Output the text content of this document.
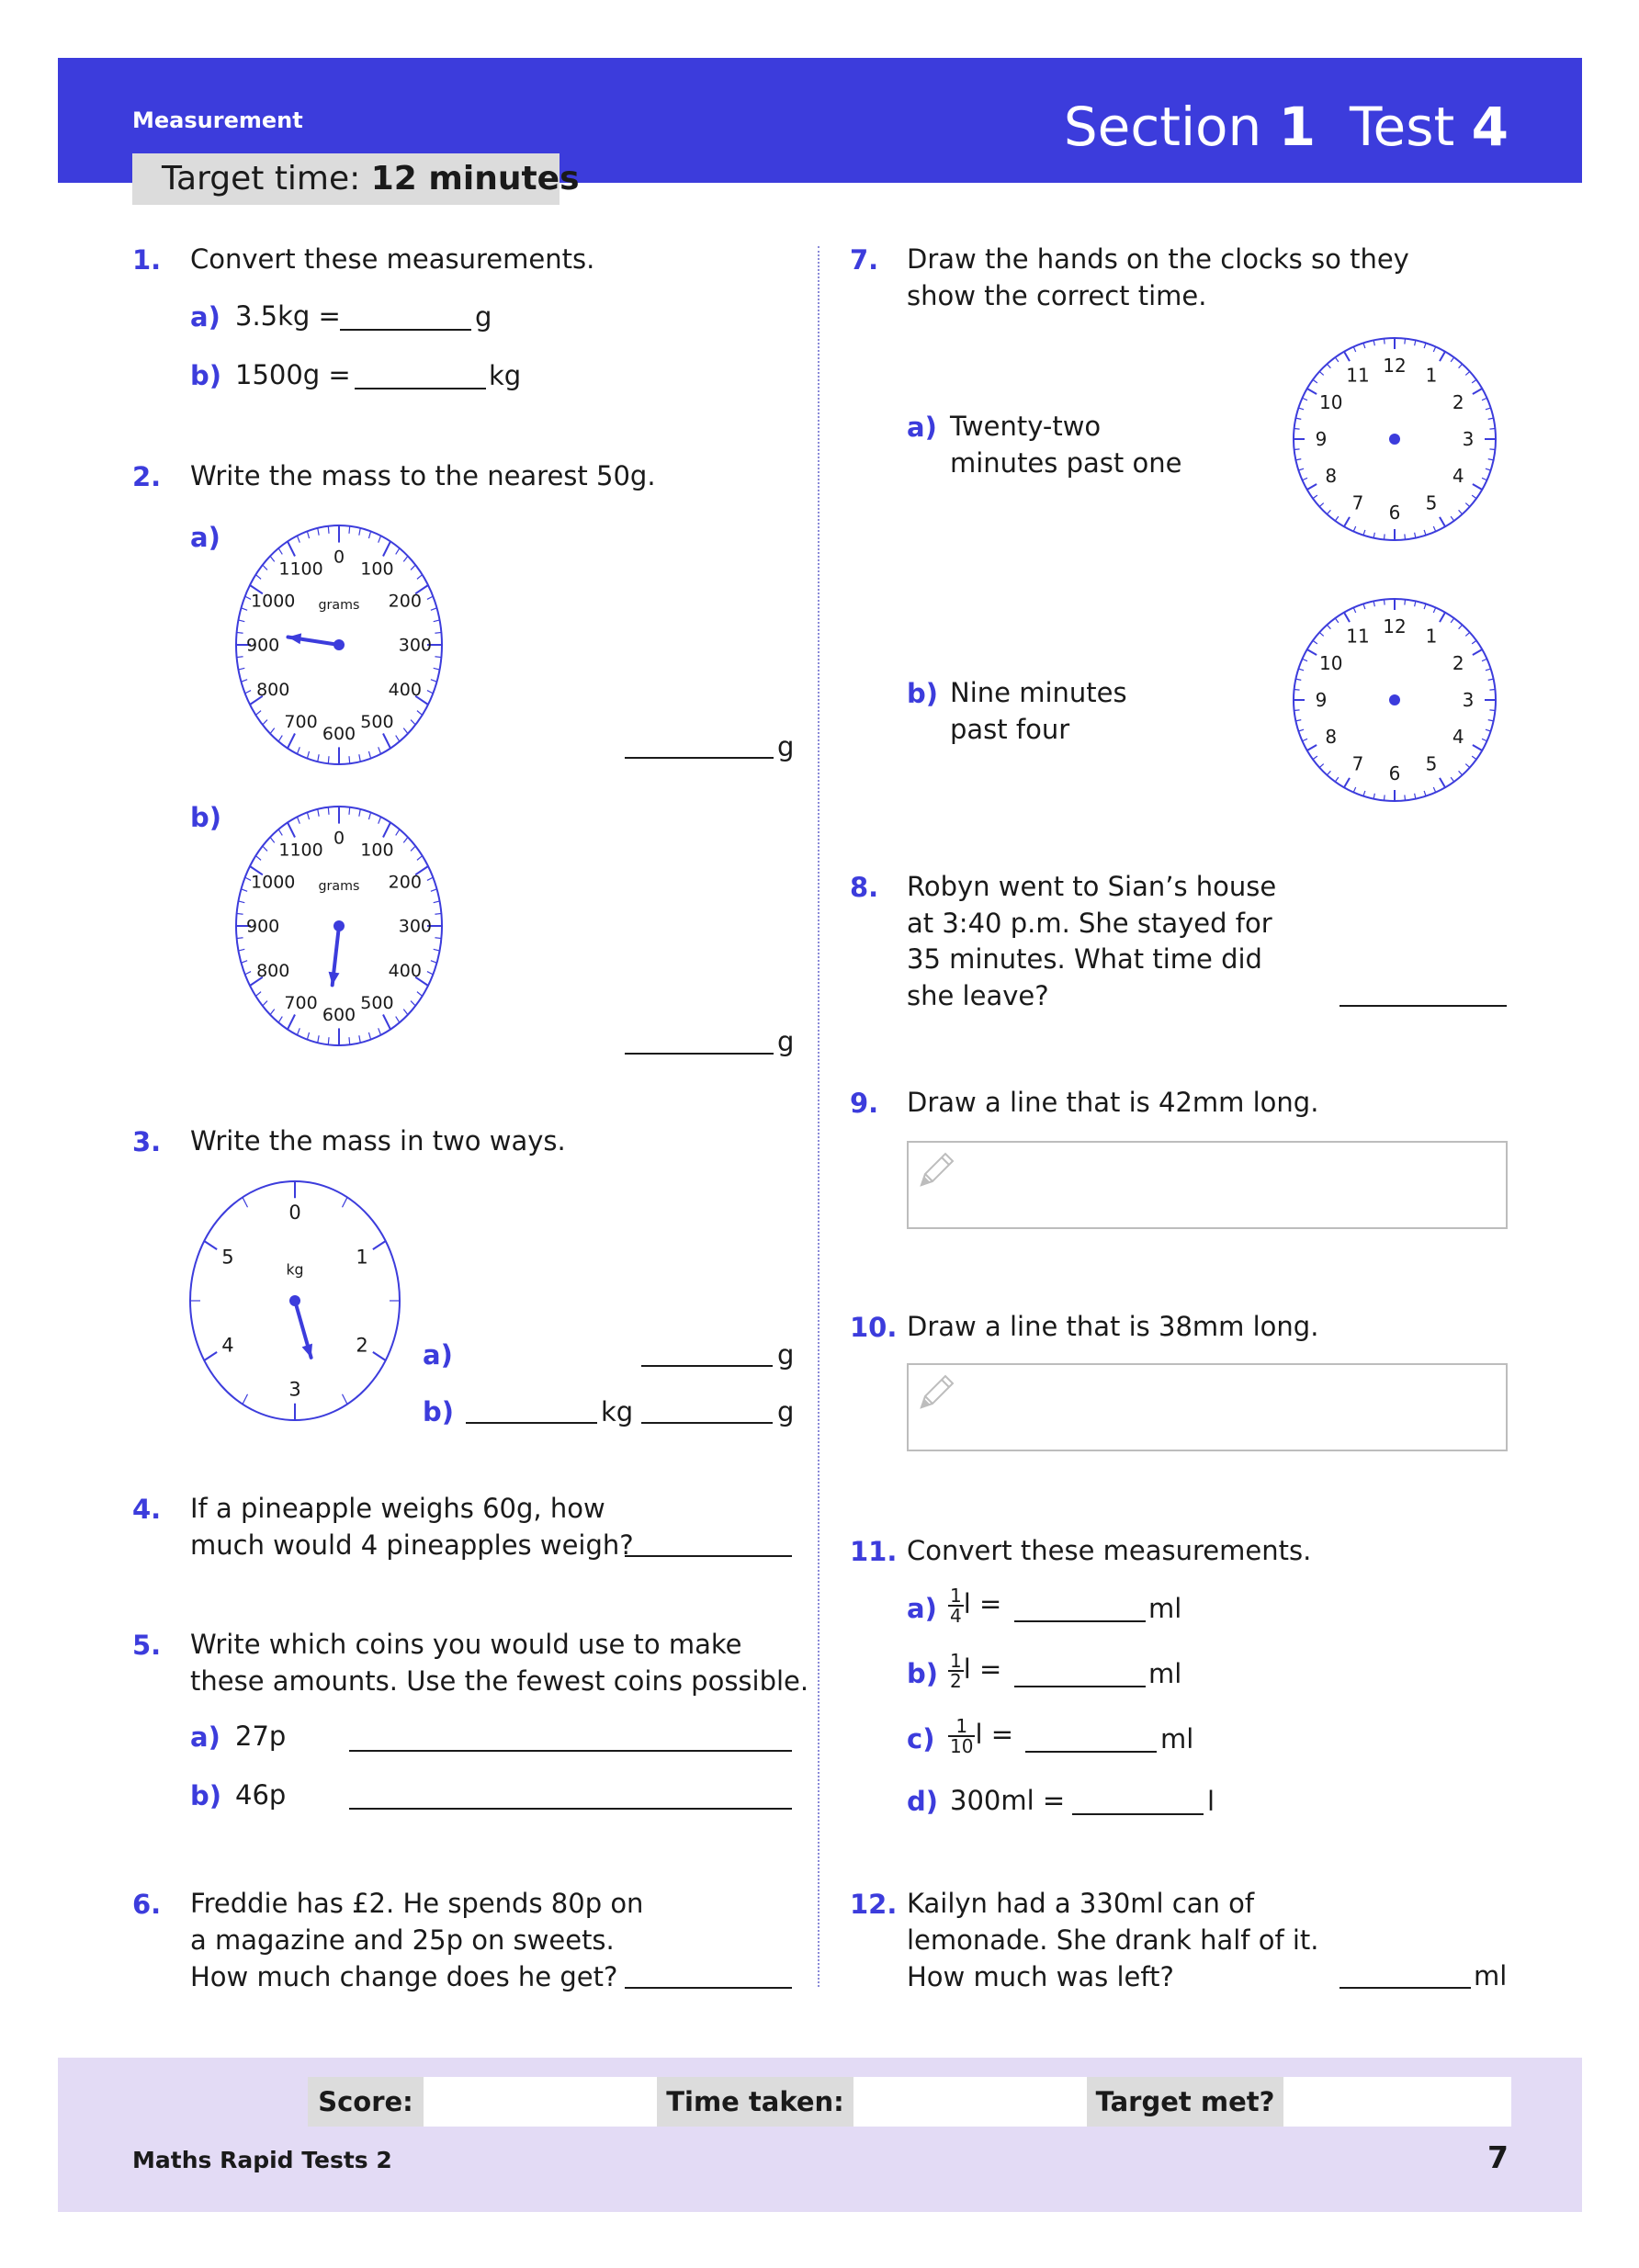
Measurement	Section 1 Test 4
Target time: 12 minutes
1. Convert these measurements.
a) 3.5kg =	g
b) 1500g =	kg
2. Write the mass to the nearest 50g.
a)
0
100
200
300
400
500
600
700
800
900
1000
1100
grams
g
b)
0
100
200
300
400
500
600
700
800
900
1000
1100
grams
g
3. Write the mass in two ways.
0
1
2
3
4
5
kg
a)	g
b)	kg	g
4. If a pineapple weighs 60g, how
much would 4 pineapples weigh?
5. Write which coins you would use to make
these amounts. Use the fewest coins possible.
a) 27p
b) 46p
6. Freddie has £2. He spends 80p on
a magazine and 25p on sweets.
How much change does he get?
7. Draw the hands on the clocks so they
show the correct time.
a) Twenty-two
minutes past one
12 1
2
3
4
5
6
7
8
9
10
11
b) Nine minutes
past four
12 1
2
3
4
5
6
7
8
9
10
11
8. Robyn went to Sian’s house
at 3:40 p.m. She stayed for
35 minutes. What time did
she leave?
9. Draw a line that is 42mm long.
10. Draw a line that is 38mm long.
11. Convert these measurements.
$a) \frac{1}{4}$ l =	ml
$b) \frac{1}{2}$ l =	ml
$c) \frac{1}{10}$ l =	ml
d) 300ml =	l
12. Kailyn had a 330ml can of
lemonade. She drank half of it.
How much was left?	ml
Score:	Time taken:	Target met?
Maths Rapid Tests 2	7
